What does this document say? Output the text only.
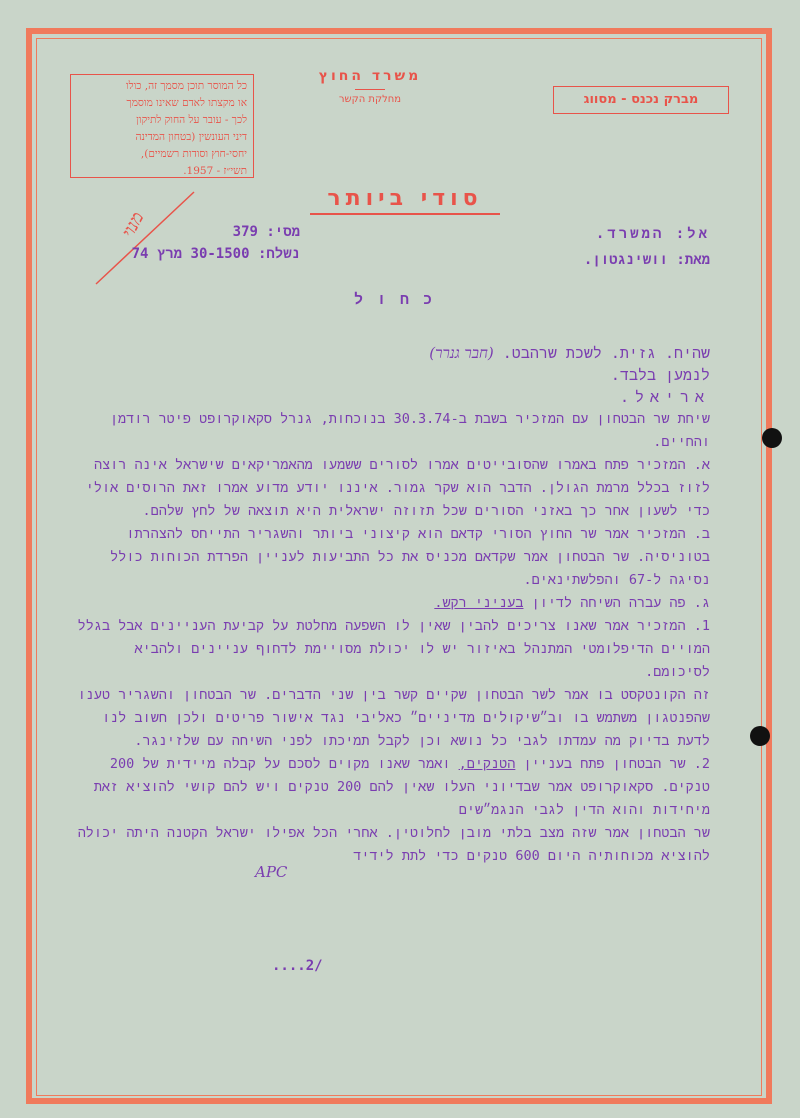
כל המוסר תוכן מסמך זה, כולו
או מקצתו לאדם שאינו מוסמך
לכך - עובר על החוק לתיקון
דיני העונשין (בטחון המדינה
יחסי-חוץ וסודות רשמיים),
תשי״ז - 1957.
משרד החוץ
מחלקת הקשר	מברק נכנס - מסווג
סודי ביותר
מנוי	אל: המשרד.
מאת: וושינגטון.
מסי: 379
נשלח: 30-1500 מרץ 74
כחול
שהיח. גזית. לשכת שרהבט. (חבר גנרר)
לנמען בלבד.
אריאל.

שיחת שר הבטחון עם המזכיר בשבת ב-30.3.74 בנוכחות, גנרל סקאוקרופט פיטר רודמן והחיים.

א. המזכיר פתח באמרו שהסובייטים אמרו לסורים ששמעו מהאמריקאים שישראל אינה רוצה לזוז בכלל מרמת הגולן. הדבר הוא שקר גמור. איננו יודע מדוע אמרו זאת הרוסים אולי כדי לשעון אחר כך באזני הסורים שכל תזוזה ישראלית היא תוצאה של לחץ שלהם.

ב. המזכיר אמר שר החוץ הסורי קדאם הוא קיצוני ביותר והשגריר התייחס להצהרתו בטוניסיה. שר הבטחון אמר שקדאם מכניס את כל התביעות לעניין הפרדת הכוחות כולל נסיגה ל-67 והפלשתינאים.

ג. פה עברה השיחה לדיון בעניני רקש.

1. המזכיר אמר שאנו צריכים להבין שאין לו השפעה מחלטת על קביעת העניינים אבל בגלל המויים הדיפלומטי המתנהל באיזור יש לו יכולת מסויימת לדחוף עניינים ולהביא לסיכומם.

זה הקונטקסט בו אמר לשר הבטחון שקיים קשר בין שני הדברים. שר הבטחון והשגריר טענו שהפנטגון משתמש בו וב״שיקולים מדיניים״ כאליבי נגד אישור פריטים ולכן חשוב לנו לדעת בדיוק מה עמדתו לגבי כל נושא וכן לקבל תמיכתו לפני השיחה עם שלזינגר.

2. שר הבטחון פתח בעניין הטנקים, ואמר שאנו מקוים לסכם על קבלה מיידית של 200 טנקים. סקאוקרופט אמר שבדיוני העלו שאין להם 200 טנקים ויש להם קושי להוציא זאת מיחידות והוא הדין לגבי הנגמ״שים

שר הבטחון אמר שזה מצב בלתי מובן לחלוטין. אחרי הכל אפילו ישראל הקטנה היתה יכולה להוציא מכוחותיה היום 600 טנקים כדי לתת לידיד

APC
....2/
